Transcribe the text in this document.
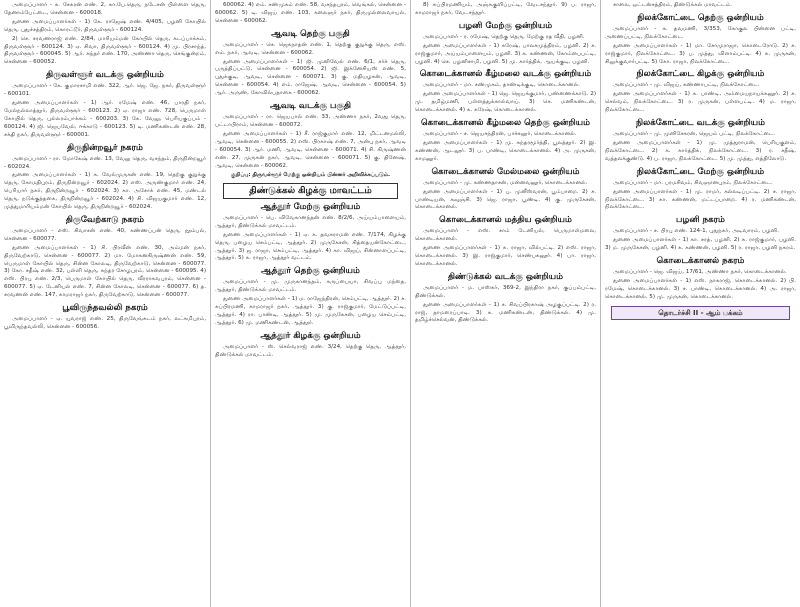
அமைப்பாளர் - க. சேகரன் எண். 2, கா.பே.தெரு, நடேசன் பிள்ளை தெரு, தேனாம்பேட்டை, சென்னை - 600018.

துணை அமைப்பாளர்கள் - 1) கே. ராஜேஷ் எண். 4/405, பழனி கோயில் தெரு, புதுச்சத்திரம், கொரட்டூர், திருவள்ளூர் - 600124.

2) செ. சரவணராஜ் எண். 2/84, மாரியம்மன் கோயில் தெரு, கடப்பாக்கம், திருவள்ளூர் - 600124. 3) ஏ. சிவா, திருவள்ளூர் - 600124. 4) மு. பிரசாந்த், திருவள்ளூர் - 600045. 5) ஆர். சுந்தர் எண். 170, அண்ணா தெரு, செங்குன்றம், சென்னை - 600052.

திருவள்ளூர் வடக்கு ஒன்றியம்

அமைப்பாளர் - கே. குமாரசாமி எண். 322, ஆர். ஜெ. ஜே. நகர், திருவள்ளூர் - 600101.

துணை அமைப்பாளர்கள் - 1) ஆர். ரமேஷ் எண். 46, பாரதி நகர், மேல்நல்லாத்தூர், திருவள்ளூர் - 600123. 2) ஏ. ராஜா எண். 728, பெருமாள் கோயில் தெரு, புல்லரம்பாக்கம் - 600203. 3) கே. வேலு, பெரியகுப்பம் - 600124. 4) ஜி. ஜெயவேல், ஈக்காடு - 600123. 5) டி. மணிகண்டன் எண். 28, சக்தி நகர், திருவள்ளூர் - 600001.

திருநின்றவூர் நகரம்

அமைப்பாளர் - ரா. மோகேஷ் எண். 13, வேலு தெரு, வசந்தம், திருநின்றவூர் - 602024.

துணை அமைப்பாளர்கள் - 1) க. வேல்முருகன் எண். 19, தெற்கு குறுக்கு தெரு, கோமதிபுரம், திருநின்றவூர் - 602024. 2) எஸ். அருண்குமார் எண். 24, பெரியார் நகர், திருநின்றவூர் - 602024. 3) கா. அசோக் எண். 45, மண்டல் தெரு, நடுக்குத்தகை, திருநின்றவூர் - 602024. 4) சி. விஜயகுமார் எண். 12, முத்துமாரியம்மன் கோயில் தெரு, திருநின்றவூர் - 602024.

திருவேற்காடு நகரம்

அமைப்பாளர் - எஸ். சிவாசன் எண். 40, கண்ணப்பன் தெரு, நூம்பல், சென்னை - 600077.

துணை அமைப்பாளர்கள் - 1) சி. பிரவீன் எண். 30, அம்மன் நகர், திருவேற்காடு, சென்னை - 600077. 2) மா. மோகனகிருஷ்ணன் எண். 59, பெருமாள் கோயில் தெரு, சின்ன கோலடி, திருவேற்காடு, சென்னை - 600077. 3) கோ. சதீஷ் எண். 32, பள்ளி தெரு, சுந்தர சோழபுரம், சென்னை - 600095. 4) எஸ். பிரபு எண். 2/3, பெருமாள் கோயில் தெரு, வீரராகவபுரம், சென்னை - 600077. 5) ஏ. டேனியல் எண். 7, சின்ன கோலடி, சென்னை - 600077. 6) த. சரவணன் எண். 147, காமராஜர் நகர், திருவேற்காடு, சென்னை - 600077.

பூவிருந்தவல்லி நகரம்

அமைப்பாளர் - ஏ. யுவராஜ் எண். 25, திருவேங்கடம் நகர், லட்சுமிபுரம், பூவிருந்தவல்லி, சென்னை - 600056.

600062. 4) எம். சண்முகம் எண். 58, வசந்தபுரம், வெங்கல், சென்னை - 600062. 5) டி. விஜய் எண். 103, கலைஞர் நகர், திருமுல்லைவாயல், சென்னை - 600062.

ஆவடி தெற்கு பகுதி

அமைப்பாளர் - செ. ஜெகநாதன் எண். 1, தெற்கு குறுக்கு தெரு, எஸ். எம். நகர், ஆவடி, சென்னை - 600062.

துணை அமைப்பாளர்கள் - 1) ஜி. முனிவேல் எண். 6/1, சர்ச் தெரு, பருத்திப்பட்டு, சென்னை - 600054. 2) ஜி. இக்னேசியஸ் எண். 5, புதுக்குடி, ஆவடி, சென்னை - 600071. 3) கு. மதியழகன், ஆவடி, சென்னை - 600054. 4) எம். ராஜேஷ், ஆவடி, சென்னை - 600054. 5) ஆர். அருண், கோவில்பதாகை - 600062.

ஆவடி வடக்கு பகுதி

அமைப்பாளர் - ரா. ஜெயபால் எண். 33, அண்ணா நகர், 2வது தெரு, பட்டாபிராம், சென்னை - 600072.

துணை அமைப்பாளர்கள் - 1) சீ. ராஜ்குமார் எண். 12, மிட்டனமல்லி, ஆவடி, சென்னை - 600055. 2) எஸ். பிரகாஷ் எண். 7, அன்பு நகர், ஆவடி - 600054. 3) ஆர். மணி, ஆவடி, சென்னை - 600071. 4) சி. கிருஷ்ணன் எண். 27, முருகன் நகர், ஆவடி, சென்னை - 600071. 5) கு. தினேஷ், ஆவடி, சென்னை - 600062.

குறிப்பு: திருவள்ளூர் மேற்கு ஒன்றியம் பின்னர் அறிவிக்கப்படும்.
திண்டுக்கல் கிழக்கு மாவட்டம்
ஆத்தூர் மேற்கு ஒன்றியம்

அமைப்பாளர் - பெ. விவேகானந்தன் எண். 8/2/6, அய்யம்பாளையம், ஆத்தூர், திண்டுக்கல் மாவட்டம்.

துணை அமைப்பாளர்கள் - 1) ஏ. க. தவசுராமன் எண். 7/174, கிழக்கு தெரு, பழைய செம்பட்டி, ஆத்தூர். 2) முருகேசன், சித்தையன்கோட்டை, ஆத்தூர். 3) ஜ. ராஜா, செம்பட்டி, ஆத்தூர். 4) கா. விஜய், சின்னாளப்பட்டி, ஆத்தூர். 5) சு. ராஜா, ஆத்தூர் வட்டம்.

ஆத்தூர் தெற்கு ஒன்றியம்

அமைப்பாளர் - மு. முருகானந்தம், கருப்பையா, சிவப்பு மந்தை, ஆத்தூர், திண்டுக்கல் மாவட்டம்.

துணை அமைப்பாளர்கள் - 1) ம. ராஜேந்திரன், செம்பட்டி, ஆத்தூர். 2) ச. சுப்பிரமணி, காமராஜர் நகர், ஆத்தூர். 3) கு. ராஜ்குமார், மேட்டுப்பட்டி, ஆத்தூர். 4) ரா. பாண்டி, ஆத்தூர். 5) மு. முருகேசன், பழைய செம்பட்டி, ஆத்தூர். 6) மு. மணிகண்டன், ஆத்தூர்.

ஆத்தூர் கிழக்கு ஒன்றியம்

அமைப்பாளர் - ஸ். செல்வராஜ் எண். 3/24, தெற்கு தெரு, ஆத்தூர், திண்டுக்கல் மாவட்டம்.

8) சுப்பிரமணியம், அஞ்சுகுளிப்பட்டி, வேடசந்தூர். 9) ப. ராஜா, காமராஜர் நகர், வேடசந்தூர்.

பழனி மேற்கு ஒன்றியம்

அமைப்பாளர் - ர. ரமேஷ், தெற்கு தெரு, மேற்கு ரத வீதி, பழனி.

துணை அமைப்பாளர்கள் - 1) சுரேஷ், பாலசமுத்திரம், பழனி. 2) ச. ராஜ்குமார், அய்யம்பாளையம், பழனி. 3) க. கண்ணன், கோம்பைபட்டி, பழனி. 4) செ. பழனிசாமி, பழனி. 5) மு. கார்த்திக், ஆயக்குடி, பழனி.

கொடைக்கானல் கீழ்மலை வடக்கு ஒன்றியம்

அமைப்பாளர் - மா. சண்முகம், தாண்டிக்குடி, கொடைக்கானல்.

துணை அமைப்பாளர்கள் - 1) ஜெ. ஜெயக்குமார், பண்ணைக்காடு. 2) மு. தமிழ்மணி, பள்ளத்துக்கால்வாய். 3) செ. மணிகண்டன், கொடைக்கானல். 4) க. சுரேஷ், கொடைக்கானல்.

கொடைக்கானல் கீழ்மலை தெற்கு ஒன்றியம்

அமைப்பாளர் - ச. ஜெயசந்திரன், பாச்சலூர், கொடைக்கானல்.

துணை அமைப்பாளர்கள் - 1) மு. சுந்தரமூர்த்தி, பூலத்தூர். 2) இ. கண்ணன், ஆடலூர். 3) ப. பாண்டி, கொடைக்கானல். 4) அ. முருகன், காமனூர்.

கொடைக்கானல் மேல்மலை ஒன்றியம்

அமைப்பாளர் - மு. கண்ணதாசன், மன்னவனூர், கொடைக்கானல்.

துணை அமைப்பாளர்கள் - 1) பு. முனீஸ்வரன், பூம்பாறை. 2) ச. பாண்டியன், கவுஞ்சி. 3) ஜெ. ராஜா, பூண்டி. 4) கு. முருகேசன், கொடைக்கானல்.

கொடைக்கானல் மத்திய ஒன்றியம்

அமைப்பாளர் - எஸ். சாம் டேனியல், பெருமாள்மலை, கொடைக்கானல்.

துணை அமைப்பாளர்கள் - 1) சு. ராஜா, வில்பட்டி. 2) எஸ். ராஜா, கொடைக்கானல். 3) இ. ராஜ்குமார், செண்பகனூர். 4) பா. ராஜா, கொடைக்கானல்.

திண்டுக்கல் வடக்கு ஒன்றியம்

அமைப்பாளர் - ம. பாஸ்கர், 369-2, இந்திரா நகர், குப்பம்பட்டி, திண்டுக்கல்.

துணை அமைப்பாளர்கள் - 1) ச. சிவப்பிரகாஷ் அழகுப்பட்டி. 2) ர. ராஜ், தாமரைப்பாடி. 3) சு. மணிகண்டன், திண்டுக்கல். 4) மு. தமிழ்ச்செல்வன், திண்டுக்கல்.

சாலை, ஒட்டன்சத்திரம், திண்டுக்கல் மாவட்டம்.

நிலக்கோட்டை தெற்கு ஒன்றியம்

அமைப்பாளர் - க. தவமணி, 3/353, கோகுல பின்னை பட்டி, அணைப்பட்டி, நிலக்கோட்டை.

துணை அமைப்பாளர்கள் - 1) மா. சோமுராஜா, கொடைரோடு. 2) ச. ராஜ்குமார், நிலக்கோட்டை. 3) ப. முத்து, விளாம்பட்டி. 4) சு. முருகன், சிலுக்குவார்பட்டி. 5) கோ. ராஜா, நிலக்கோட்டை.

நிலக்கோட்டை கிழக்கு ஒன்றியம்

அமைப்பாளர் - மு. விஜய், கண்ணாபட்டி, நிலக்கோட்டை.

துணை அமைப்பாளர்கள் - 1) க. பாண்டி, அம்மையநாயக்கனூர். 2) ச. செல்வம், நிலக்கோட்டை. 3) ர. முருகன், பள்ளபட்டி. 4) ம. ராஜா, நிலக்கோட்டை.

நிலக்கோட்டை வடக்கு ஒன்றியம்

அமைப்பாளர் - மு. முனிசேகரன், ஜெயம் பட்டி, நிலக்கோட்டை.

துணை அமைப்பாளர்கள் - 1) மு. முத்துராமன், பெரியகுளம், நிலக்கோட்டை. 2) க. கார்த்திக், நிலக்கோட்டை. 3) ர. சதீஷ், வத்தலக்குண்டு. 4) ப. ராஜா, நிலக்கோட்டை. 5) மு. முத்து, எத்திலோடு.

நிலக்கோட்டை மேற்கு ஒன்றியம்

அமைப்பாளர் - மா. பரமசிவம், சிவஞானபுரம், நிலக்கோட்டை.

துணை அமைப்பாளர்கள் - 1) மு. ராமர், கல்லடிப்பட்டி. 2) ச. ராஜா, நிலக்கோட்டை. 3) கா. கண்ணன், மட்டப்பாறை. 4) ர. மணிகண்டன், நிலக்கோட்டை.

பழனி நகரம்

அமைப்பாளர் - ச. பிரபு எண். 124-1, புதுநகர், அடிவாரம், பழனி.

துணை அமைப்பாளர்கள் - 1) கா. சரத், பழனி. 2) சு. ராஜ்குமார், பழனி. 3) ம. முருகேசன், பழனி. 4) க. கண்ணன், பழனி. 5) ர. ராஜா, பழனி நகரம்.

கொடைக்கானல் நகரம்

அமைப்பாளர் - ஜெ. விஜய், 17/61, அண்ணா நகர், கொடைக்கானல்.

துணை அமைப்பாளர்கள் - 1) எஸ். நாகராஜ், கொடைக்கானல். 2) பி. ரமேஷ், கொடைக்கானல். 3) ச. பாண்டி, கொடைக்கானல். 4) அ. ராஜா, கொடைக்கானல். 5) மு. முருகன், கொடைக்கானல்.

தொடர்ச்சி II - ஆம் பக்கம்
